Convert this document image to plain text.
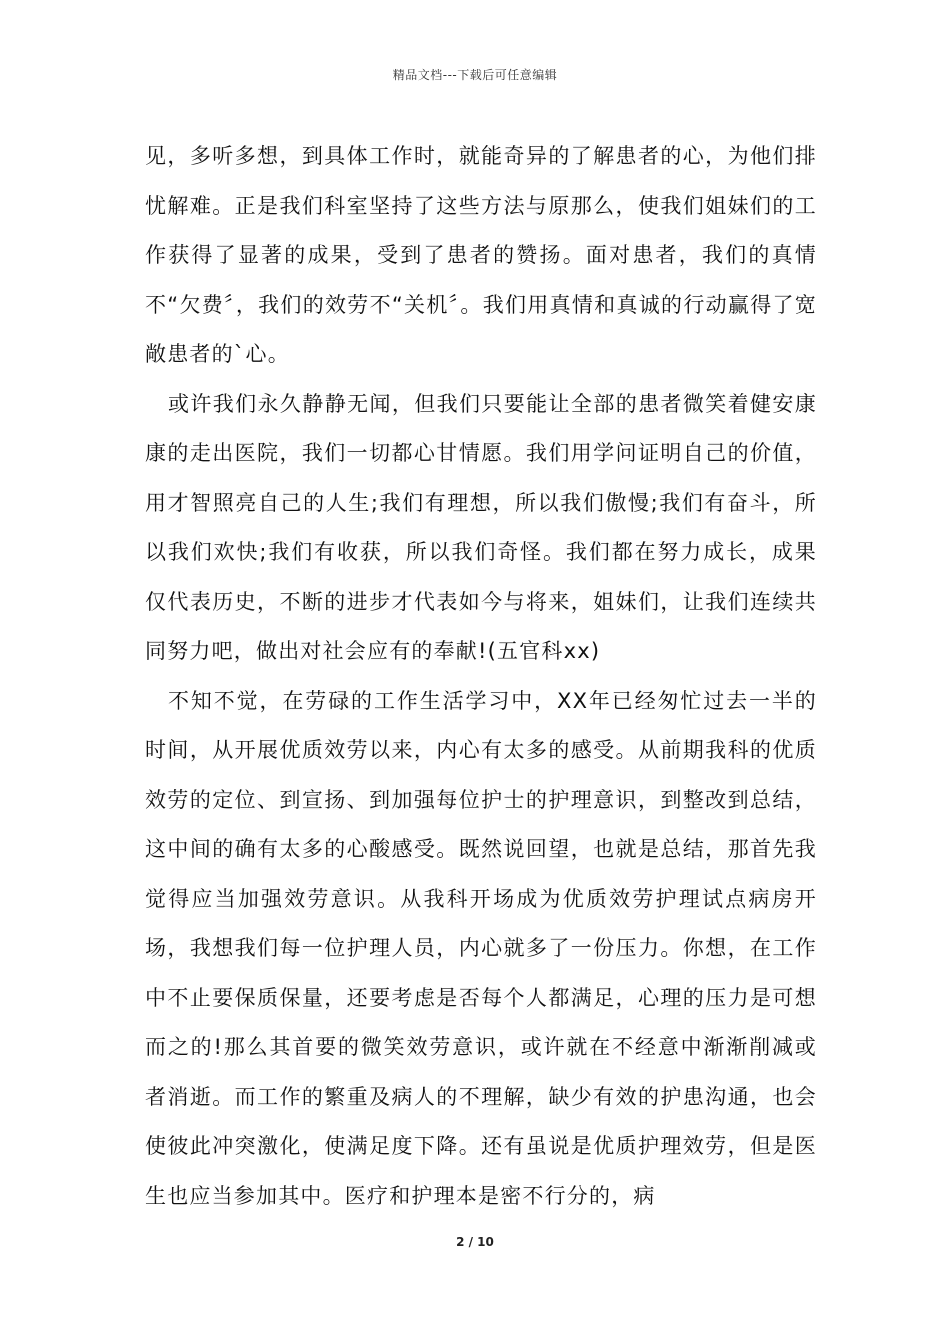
精品文档---下载后可任意编辑

见，多听多想，到具体工作时，就能奇异的了解患者的心，为他们排忧解难。正是我们科室坚持了这些方法与原那么，使我们姐妹们的工作获得了显著的成果，受到了患者的赞扬。面对患者，我们的真情不“欠费〞，我们的效劳不“关机〞。我们用真情和真诚的行动赢得了宽敞患者的`心。

或许我们永久静静无闻，但我们只要能让全部的患者微笑着健安康康的走出医院，我们一切都心甘情愿。我们用学问证明自己的价值，用才智照亮自己的人生;我们有理想，所以我们傲慢;我们有奋斗，所以我们欢快;我们有收获，所以我们奇怪。我们都在努力成长，成果仅代表历史，不断的进步才代表如今与将来，姐妹们，让我们连续共同努力吧，做出对社会应有的奉献!(五官科xx)

不知不觉，在劳碌的工作生活学习中，XX年已经匆忙过去一半的时间，从开展优质效劳以来，内心有太多的感受。从前期我科的优质效劳的定位、到宣扬、到加强每位护士的护理意识，到整改到总结，这中间的确有太多的心酸感受。既然说回望，也就是总结，那首先我觉得应当加强效劳意识。从我科开场成为优质效劳护理试点病房开场，我想我们每一位护理人员，内心就多了一份压力。你想，在工作中不止要保质保量，还要考虑是否每个人都满足，心理的压力是可想而之的!那么其首要的微笑效劳意识，或许就在不经意中渐渐削减或者消逝。而工作的繁重及病人的不理解，缺少有效的护患沟通，也会使彼此冲突激化，使满足度下降。还有虽说是优质护理效劳，但是医生也应当参加其中。医疗和护理本是密不行分的，病

2 / 10
